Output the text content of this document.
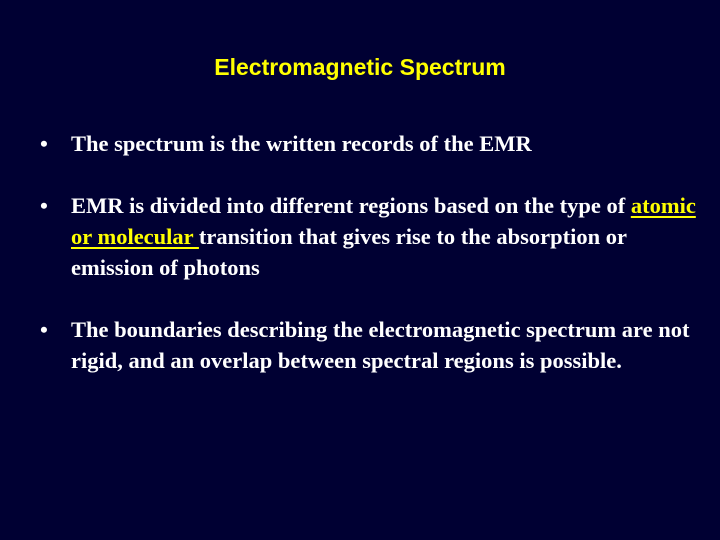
Electromagnetic Spectrum
•	The spectrum is the written records of the EMR
•	EMR is divided into different regions based on the type of atomic or molecular transition that gives rise to the absorption or emission of photons
•	The boundaries describing the electromagnetic spectrum are not rigid, and an overlap between spectral regions is possible.
